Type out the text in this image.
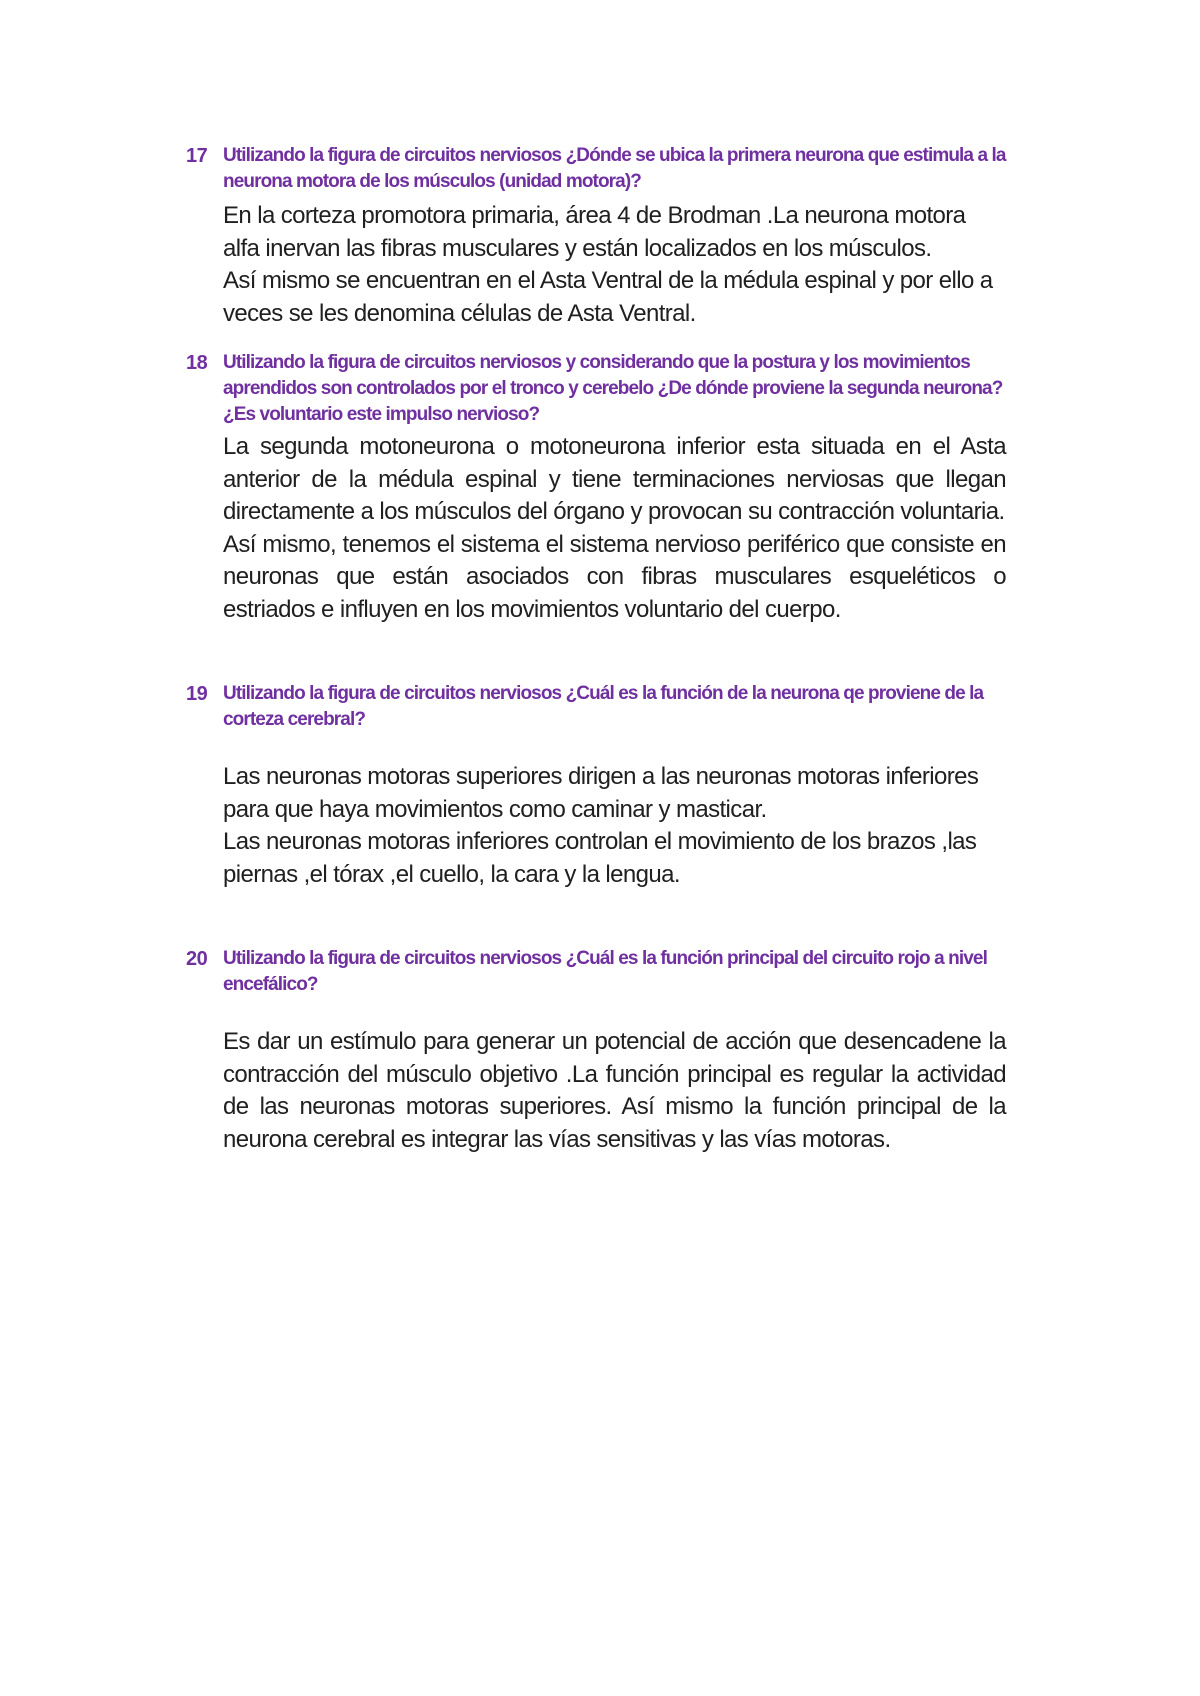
17 Utilizando la figura de circuitos nerviosos ¿Dónde se ubica la primera neurona que estimula a la neurona motora de los músculos (unidad motora)?

En la corteza promotora primaria, área 4 de Brodman .La neurona motora alfa inervan las fibras musculares y están localizados en los músculos.

Así mismo se encuentran en el Asta Ventral de la médula espinal y por ello a veces se les denomina células de Asta Ventral.

18 Utilizando la figura de circuitos nerviosos y considerando que la postura y los movimientos aprendidos son controlados por el tronco y cerebelo ¿De dónde proviene la segunda neurona? ¿Es voluntario este impulso nervioso?

La segunda motoneurona o motoneurona inferior esta situada en el Asta anterior de la médula espinal y tiene terminaciones nerviosas que llegan directamente a los músculos del órgano y provocan su contracción voluntaria.

Así mismo, tenemos el sistema el sistema nervioso periférico que consiste en neuronas que están asociados con fibras musculares esqueléticos o estriados e influyen en los movimientos voluntario del cuerpo.

19 Utilizando la figura de circuitos nerviosos ¿Cuál es la función de la neurona qe proviene de la corteza cerebral?

Las neuronas motoras superiores dirigen a las neuronas motoras inferiores para que haya movimientos como caminar y masticar.

Las neuronas motoras inferiores controlan el movimiento de los brazos ,las piernas ,el tórax ,el cuello, la cara y la lengua.

20 Utilizando la figura de circuitos nerviosos ¿Cuál es la función principal del circuito rojo a nivel encefálico?

Es dar un estímulo para generar un potencial de acción que desencadene la contracción del músculo objetivo .La función principal es regular la actividad de las neuronas motoras superiores. Así mismo la función principal de la neurona cerebral es integrar las vías sensitivas y las vías motoras.
